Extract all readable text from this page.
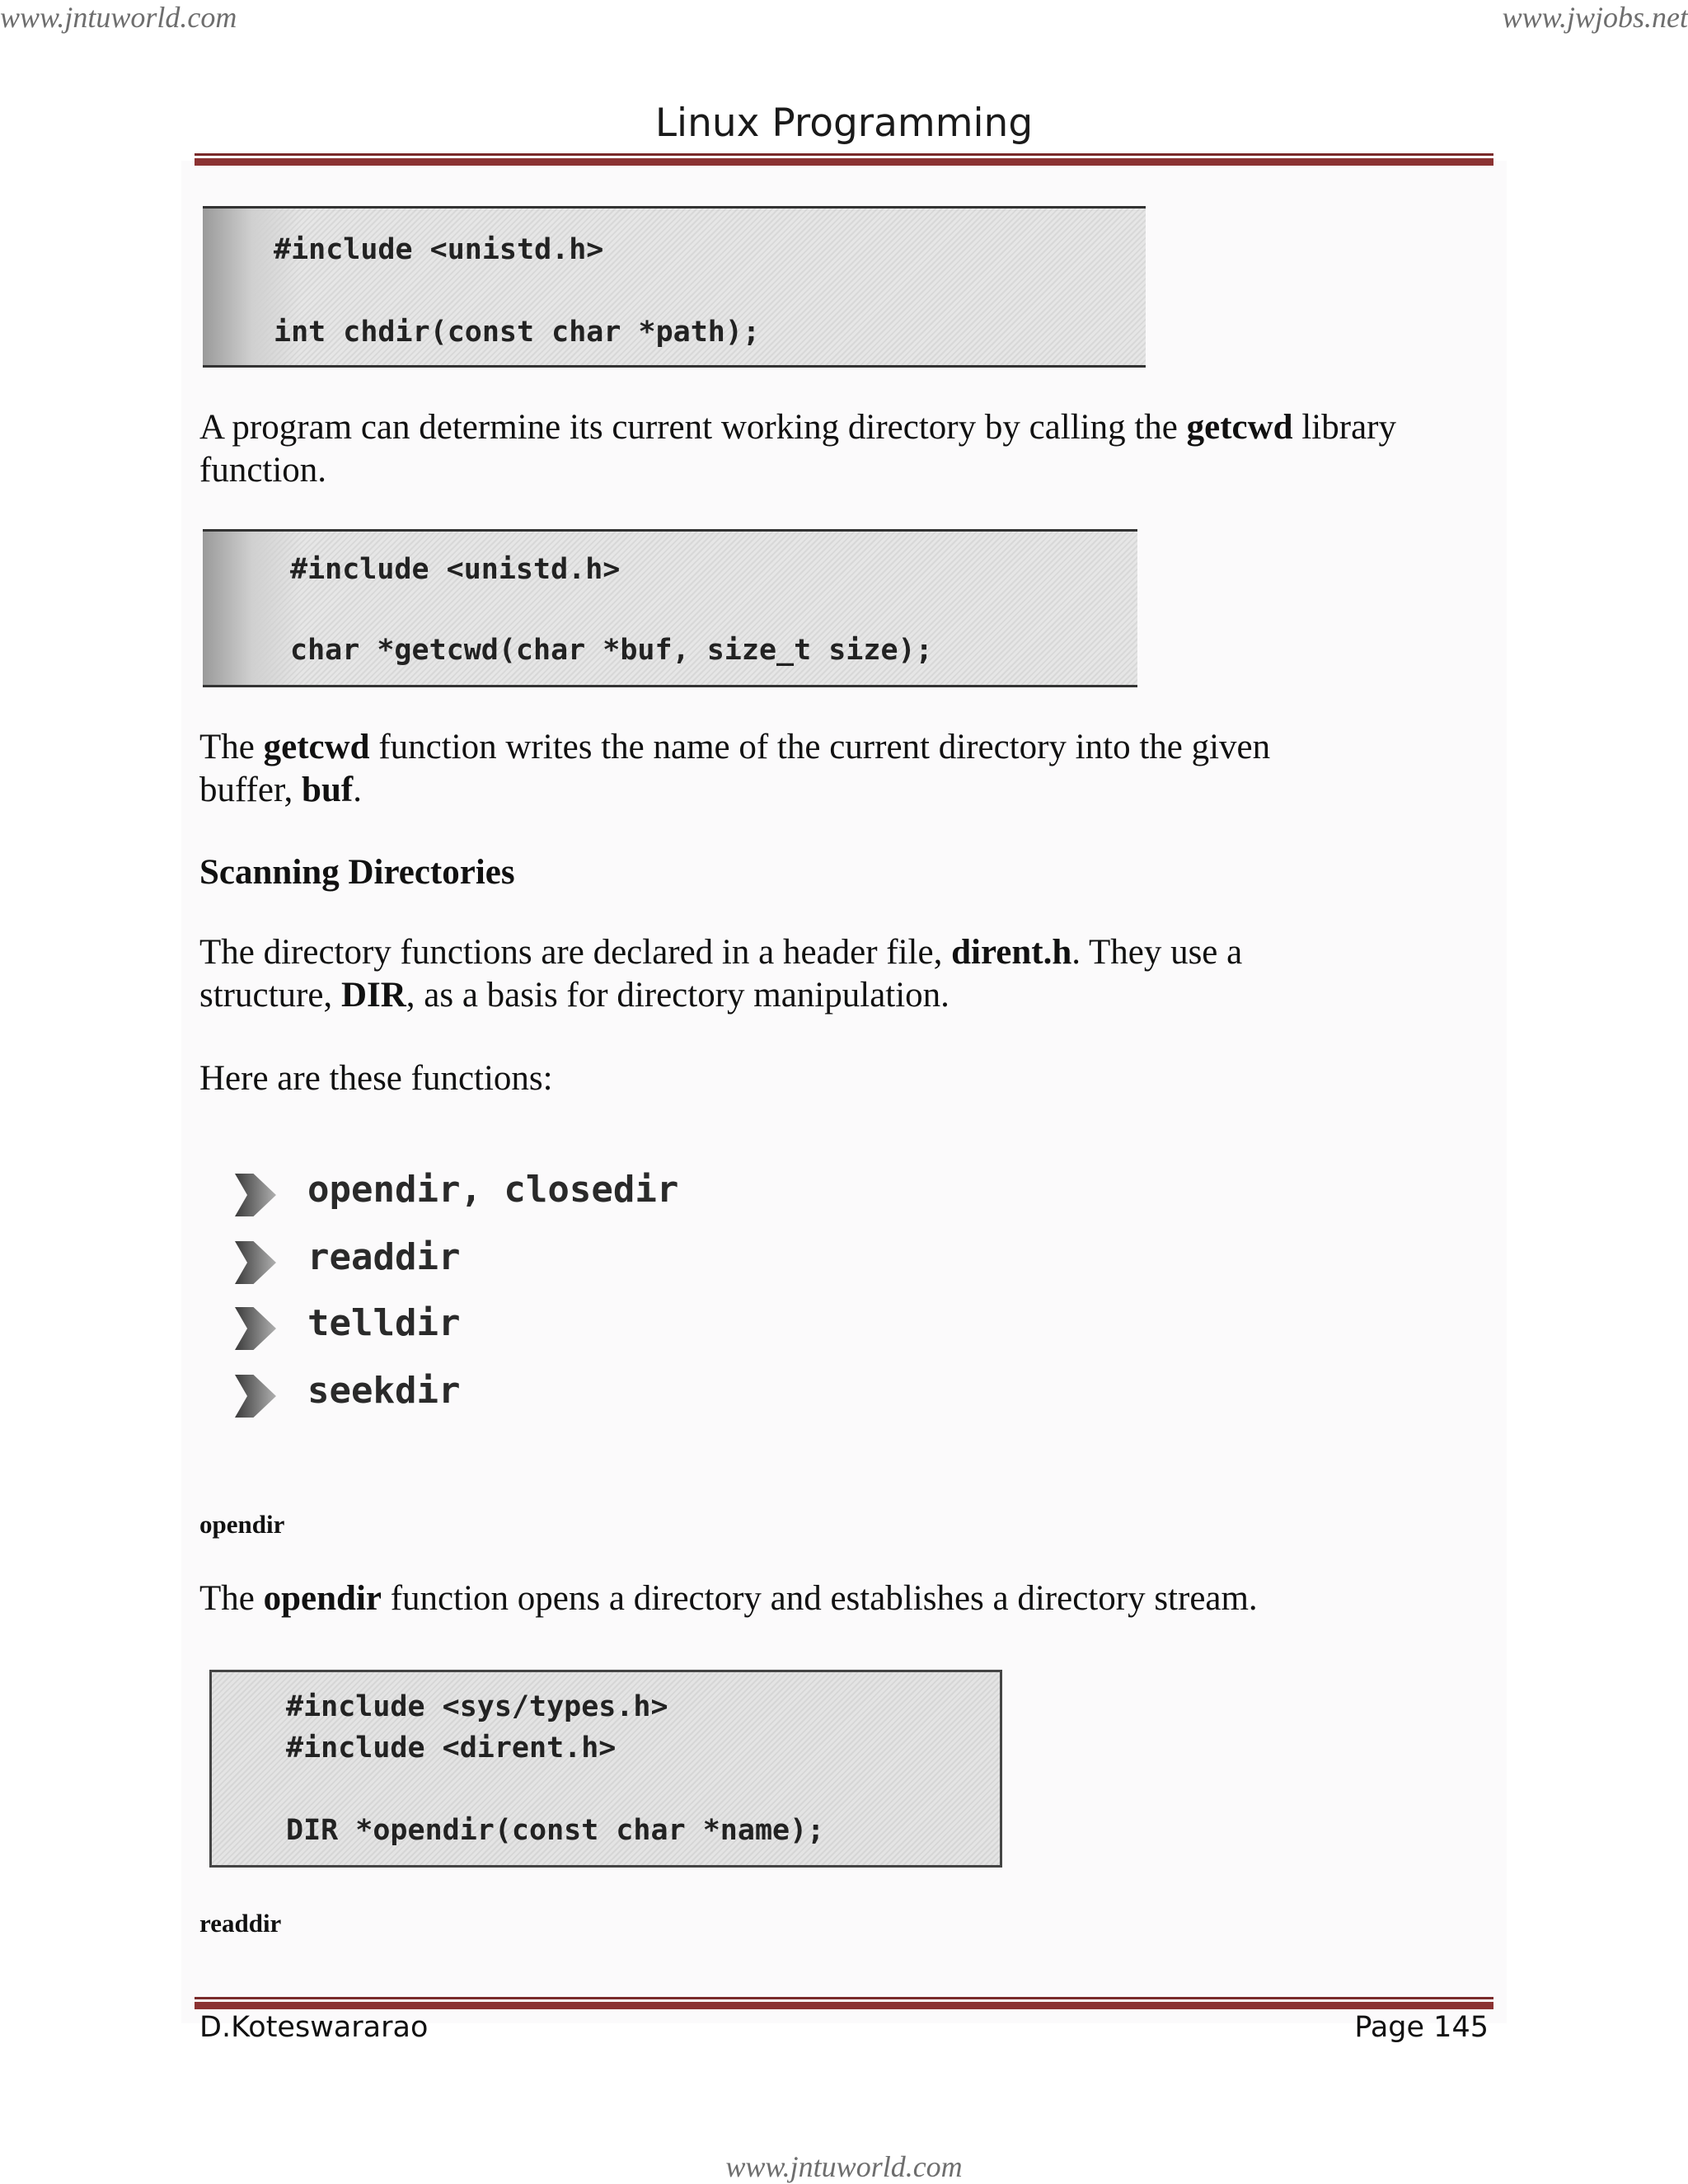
www.jntuworld.com	www.jwjobs.net
Linux Programming
#include <unistd.h>
int chdir(const char *path);
A program can determine its current working directory by calling the getcwd library function.
#include <unistd.h>
char *getcwd(char *buf, size_t size);
The getcwd function writes the name of the current directory into the given buffer, buf.
Scanning Directories
The directory functions are declared in a header file, dirent.h. They use a structure, DIR, as a basis for directory manipulation.
Here are these functions:
opendir, closedir
readdir
telldir
seekdir
opendir
The opendir function opens a directory and establishes a directory stream.
#include <sys/types.h>
#include <dirent.h>
DIR *opendir(const char *name);
readdir
D.Koteswararao	Page 145
www.jntuworld.com
